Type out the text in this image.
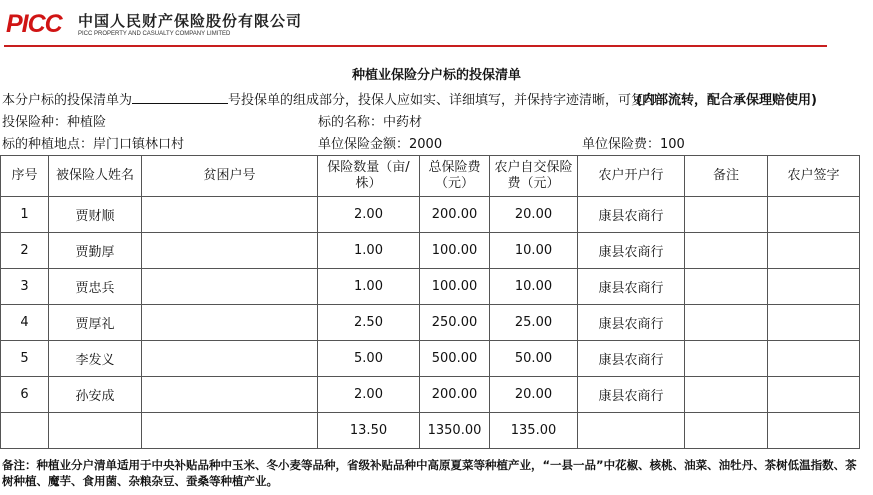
PICC 中国人民财产保险股份有限公司
PICC PROPERTY AND CASUALTY COMPANY LIMITED
种植业保险分户标的投保清单
本分户标的投保清单为	号投保单的组成部分，投保人应如实、详细填写，并保持字迹清晰，可复印
(内部流转，配合承保理赔使用)
投保险种：种植险	标的名称：中药材
标的种植地点：岸门口镇林口村	单位保险金额：2000	单位保险费：100
序号	被保险人姓名	贫困户号	保险数量（亩/株）	总保险费（元）	农户自交保险费（元）	农户开户行	备注	农户签字
1	贾财顺		2.00	200.00	20.00	康县农商行		
2	贾勤厚		1.00	100.00	10.00	康县农商行		
3	贾忠兵		1.00	100.00	10.00	康县农商行		
4	贾厚礼		2.50	250.00	25.00	康县农商行		
5	李发义		5.00	500.00	50.00	康县农商行		
6	孙安成		2.00	200.00	20.00	康县农商行		
			13.50	1350.00	135.00			
备注：种植业分户清单适用于中央补贴品种中玉米、冬小麦等品种，省级补贴品种中高原夏菜等种植产业，“一县一品”中花椒、核桃、油菜、油牡丹、茶树低温指数、茶树种植、魔芋、食用菌、杂粮杂豆、蚕桑等种植产业。
